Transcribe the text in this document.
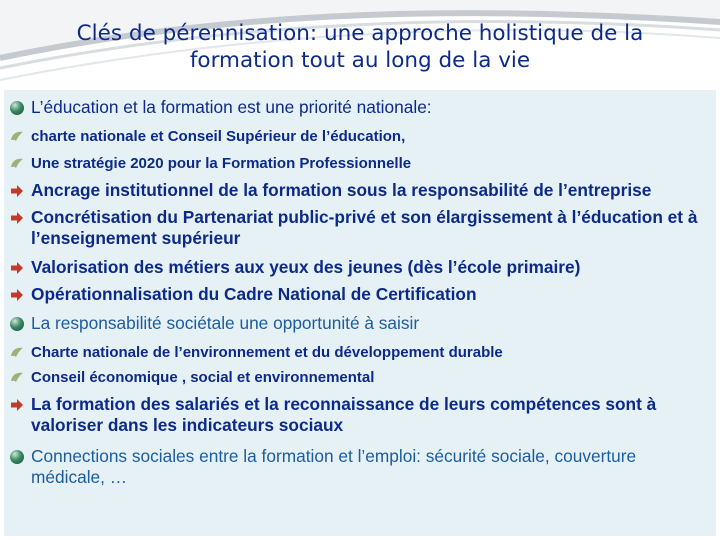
Clés de pérennisation: une approche holistique de la formation tout au long de la vie
L’éducation et la formation est une priorité nationale:
charte nationale et Conseil Supérieur de l’éducation,
Une stratégie 2020 pour la Formation Professionnelle
Ancrage institutionnel de la formation sous la responsabilité de l’entreprise
Concrétisation du Partenariat public-privé et son élargissement à l’éducation et à l’enseignement supérieur
Valorisation des métiers aux yeux des jeunes (dès l’école primaire)
Opérationnalisation du Cadre National de Certification
La responsabilité sociétale une opportunité à saisir
Charte nationale de l’environnement et du développement durable
Conseil économique , social et environnemental
La formation des salariés et la reconnaissance de leurs compétences sont à valoriser dans les indicateurs sociaux
Connections sociales entre la formation et l’emploi: sécurité sociale, couverture médicale, …
